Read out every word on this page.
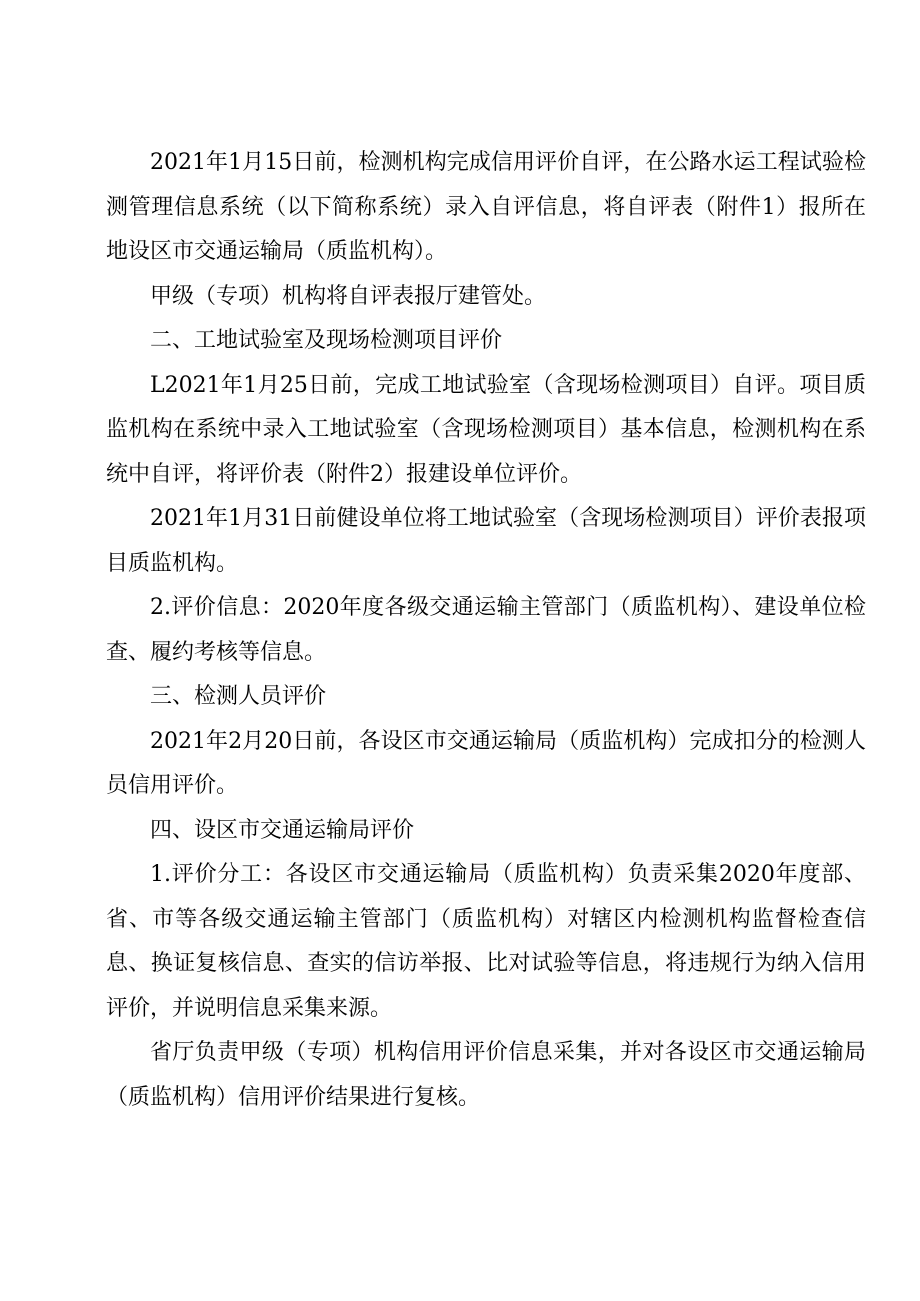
2021年1月15日前，检测机构完成信用评价自评，在公路水运工程试验检测管理信息系统（以下简称系统）录入自评信息，将自评表（附件1）报所在地设区市交通运输局（质监机构）。

甲级（专项）机构将自评表报厅建管处。

二、工地试验室及现场检测项目评价

L2021年1月25日前，完成工地试验室（含现场检测项目）自评。项目质监机构在系统中录入工地试验室（含现场检测项目）基本信息，检测机构在系统中自评，将评价表（附件2）报建设单位评价。

2021年1月31日前健设单位将工地试验室（含现场检测项目）评价表报项目质监机构。

2.评价信息：2020年度各级交通运输主管部门（质监机构）、建设单位检查、履约考核等信息。

三、检测人员评价

2021年2月20日前，各设区市交通运输局（质监机构）完成扣分的检测人员信用评价。

四、设区市交通运输局评价

1.评价分工：各设区市交通运输局（质监机构）负责采集2020年度部、省、市等各级交通运输主管部门（质监机构）对辖区内检测机构监督检查信息、换证复核信息、查实的信访举报、比对试验等信息，将违规行为纳入信用评价，并说明信息采集来源。

省厅负责甲级（专项）机构信用评价信息采集，并对各设区市交通运输局（质监机构）信用评价结果进行复核。
